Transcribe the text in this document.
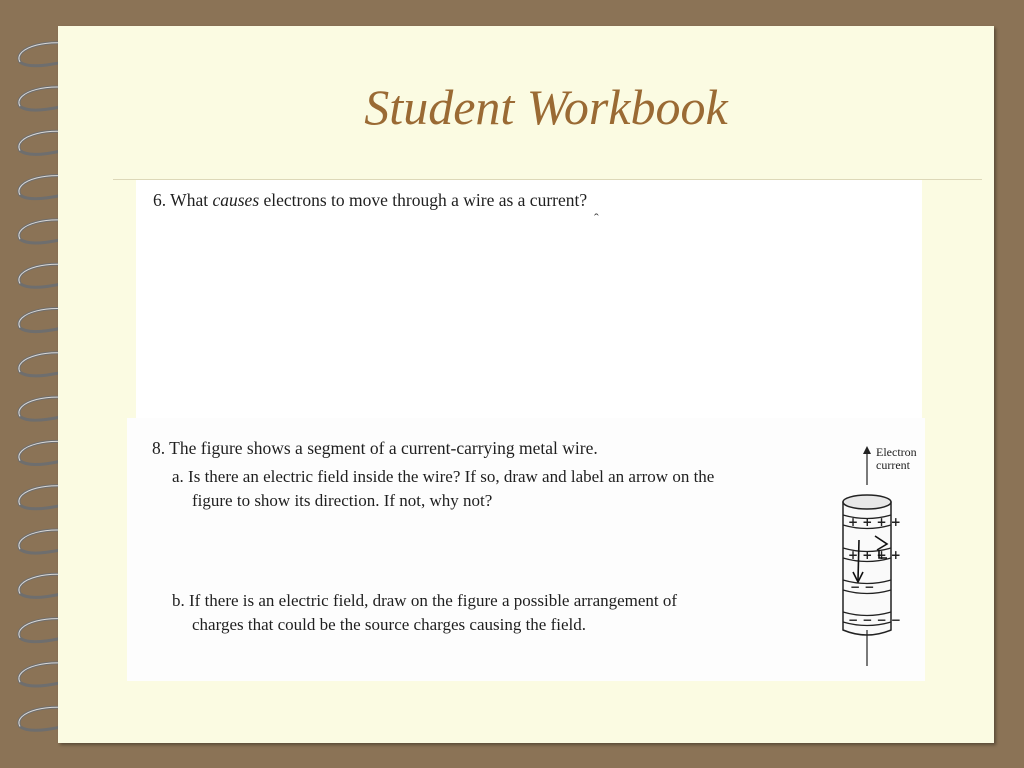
Student Workbook
6. What causes electrons to move through a wire as a current?
ˆ
8. The figure shows a segment of a current-carrying metal wire.
a. Is there an electric field inside the wire? If so, draw and label an arrow on the
figure to show its direction. If not, why not?
b. If there is an electric field, draw on the figure a possible arrangement of
charges that could be the source charges causing the field.
Electron
current
+ + + +
+ + + +
− −
− − − −
